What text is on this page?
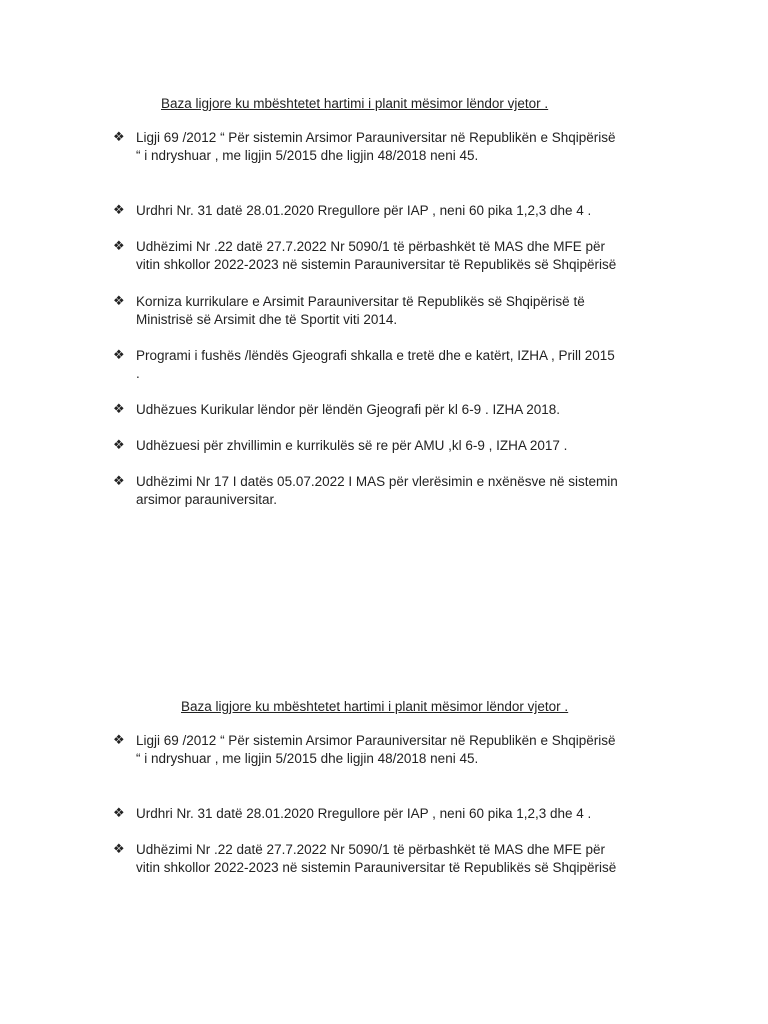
Baza ligjore ku mbështetet hartimi i planit mësimor lëndor vjetor .

❖ Ligji 69 /2012 “ Për sistemin Arsimor Parauniversitar në Republikën e Shqipërisë
“ i ndryshuar , me ligjin 5/2015 dhe ligjin 48/2018 neni 45.
❖ Urdhri Nr. 31 datë 28.01.2020 Rregullore për IAP , neni 60 pika 1,2,3 dhe 4 .
❖ Udhëzimi Nr .22 datë 27.7.2022 Nr 5090/1 të përbashkët të MAS dhe MFE për
vitin shkollor 2022-2023 në sistemin Parauniversitar të Republikës së Shqipërisë
❖ Korniza kurrikulare e Arsimit Parauniversitar të Republikës së Shqipërisë të
Ministrisë së Arsimit dhe të Sportit viti 2014.
❖ Programi i fushës /lëndës Gjeografi shkalla e tretë dhe e katërt, IZHA , Prill 2015
.
❖ Udhëzues Kurikular lëndor për lëndën Gjeografi për kl 6-9 . IZHA 2018.
❖ Udhëzuesi për zhvillimin e kurrikulës së re për AMU ,kl 6-9 , IZHA 2017 .
❖ Udhëzimi Nr 17 I datës 05.07.2022 I MAS për vlerësimin e nxënësve në sistemin
arsimor parauniversitar.

Baza ligjore ku mbështetet hartimi i planit mësimor lëndor vjetor .

❖ Ligji 69 /2012 “ Për sistemin Arsimor Parauniversitar në Republikën e Shqipërisë
“ i ndryshuar , me ligjin 5/2015 dhe ligjin 48/2018 neni 45.
❖ Urdhri Nr. 31 datë 28.01.2020 Rregullore për IAP , neni 60 pika 1,2,3 dhe 4 .
❖ Udhëzimi Nr .22 datë 27.7.2022 Nr 5090/1 të përbashkët të MAS dhe MFE për
vitin shkollor 2022-2023 në sistemin Parauniversitar të Republikës së Shqipërisë
